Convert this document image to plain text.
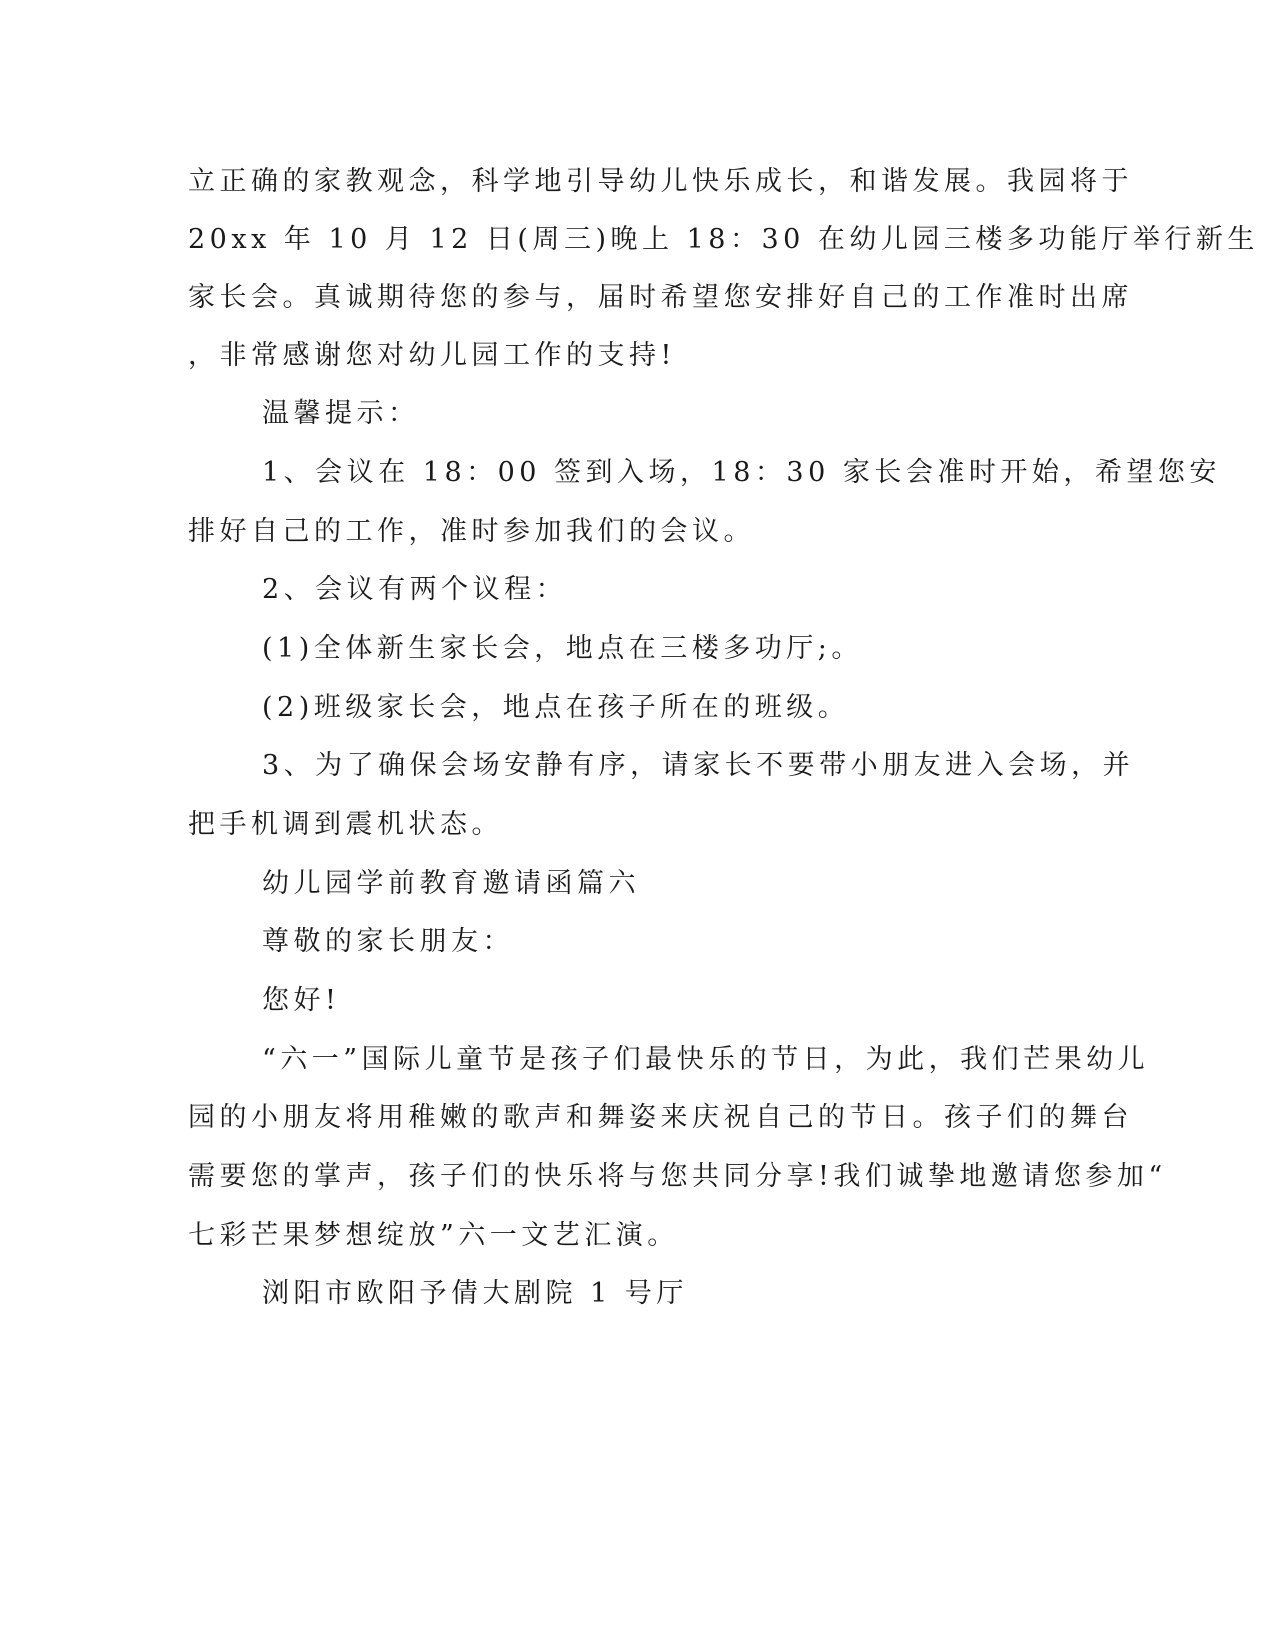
立正确的家教观念，科学地引导幼儿快乐成长，和谐发展。我园将于
20xx 年 10 月 12 日(周三)晚上 18：30 在幼儿园三楼多功能厅举行新生
家长会。真诚期待您的参与，届时希望您安排好自己的工作准时出席
，非常感谢您对幼儿园工作的支持!
温馨提示：
1、会议在 18：00 签到入场，18：30 家长会准时开始，希望您安
排好自己的工作，准时参加我们的会议。
2、会议有两个议程：
(1)全体新生家长会，地点在三楼多功厅;。
(2)班级家长会，地点在孩子所在的班级。
3、为了确保会场安静有序，请家长不要带小朋友进入会场，并
把手机调到震机状态。
幼儿园学前教育邀请函篇六
尊敬的家长朋友：
您好!
“六一”国际儿童节是孩子们最快乐的节日，为此，我们芒果幼儿
园的小朋友将用稚嫩的歌声和舞姿来庆祝自己的节日。孩子们的舞台
需要您的掌声，孩子们的快乐将与您共同分享!我们诚挚地邀请您参加“
七彩芒果梦想绽放”六一文艺汇演。
浏阳市欧阳予倩大剧院 1 号厅
